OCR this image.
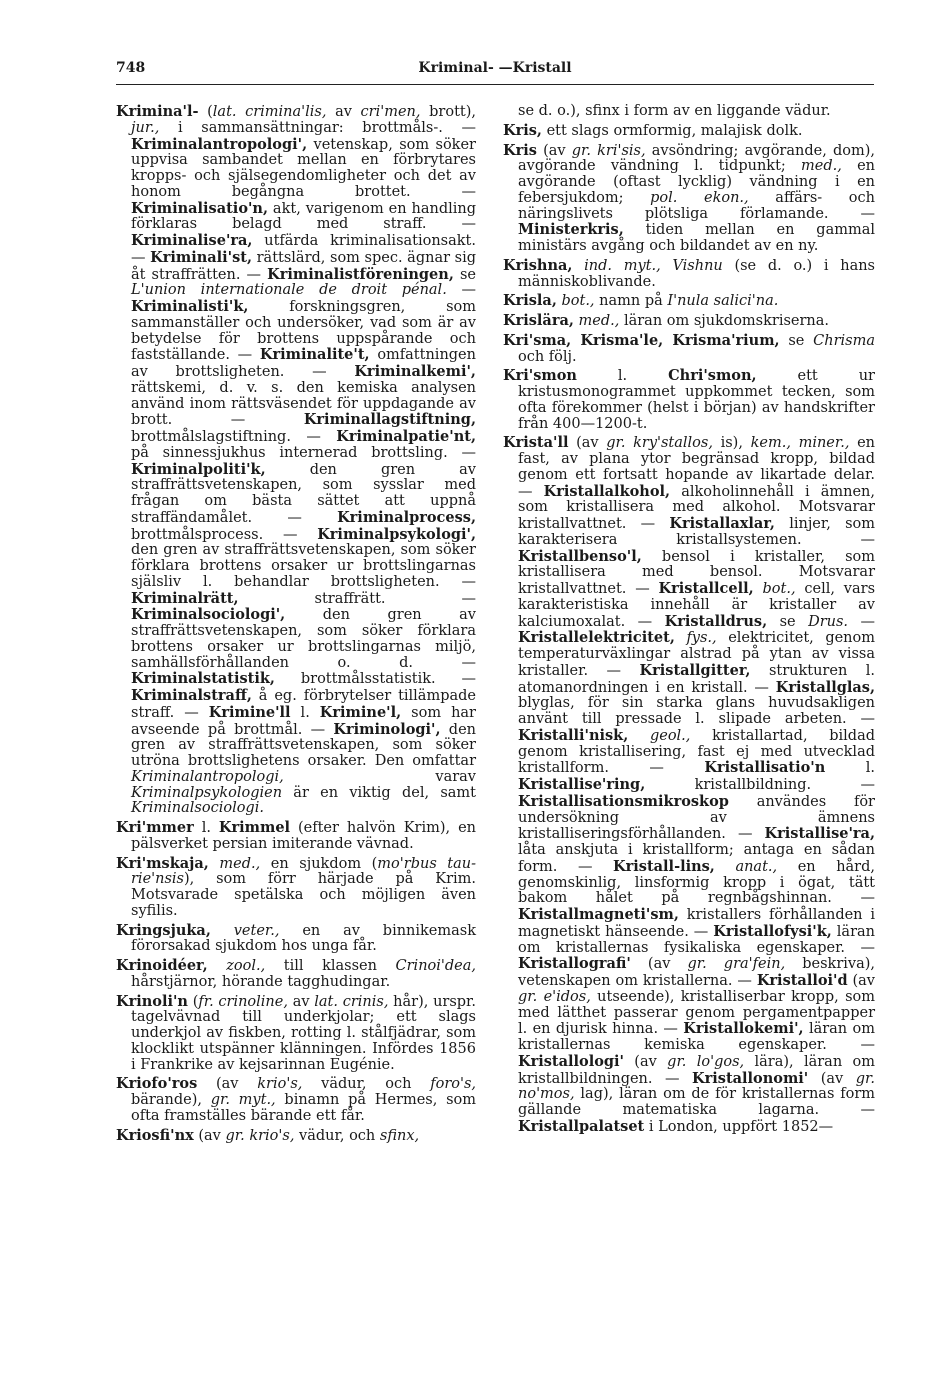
748	Kriminal- —Kristall

Krimina'l- (lat. crimina'lis, av cri'men, brott), jur., i sammansättningar: brottmåls-. — Kriminalantropologi', vetenskap, som söker uppvisa sambandet mellan en förbrytares kropps- och själsegendomligheter och det av honom begångna brottet. — Kriminalisatio'n, akt, varigenom en handling förklaras belagd med straff. — Kriminalise'ra, utfärda kriminalisationsakt. — Kriminali'st, rättslärd, som spec. ägnar sig åt straffrätten. — Kriminalistföreningen, se L'union internationale de droit pénal. — Kriminalisti'k, forskningsgren, som sammanställer och undersöker, vad som är av betydelse för brottens uppspårande och fastställande. — Kriminalite't, omfattningen av brottsligheten. — Kriminalkemi', rättskemi, d. v. s. den kemiska analysen använd inom rättsväsendet för uppdagande av brott. — Kriminallagstiftning, brottmålslagstiftning. — Kriminalpatie'nt, på sinnessjukhus internerad brottsling. — Kriminalpoliti'k, den gren av straffrättsvetenskapen, som sysslar med frågan om bästa sättet att uppnå straffändamålet. — Kriminalprocess, brottmålsprocess. — Kriminalpsykologi', den gren av straffrättsvetenskapen, som söker förklara brottens orsaker ur brottslingarnas själsliv l. behandlar brottsligheten. — Kriminalrätt, straffrätt. — Kriminalsociologi', den gren av straffrättsvetenskapen, som söker förklara brottens orsaker ur brottslingarnas miljö, samhällsförhållanden o. d. — Kriminalstatistik, brottmålsstatistik. — Kriminalstraff, å eg. förbrytelser tillämpade straff. — Krimine'll l. Krimine'l, som har avseende på brottmål. — Kriminologi', den gren av straffrättsvetenskapen, som söker utröna brottslighetens orsaker. Den omfattar Kriminalantropologi, varav Kriminalpsykologien är en viktig del, samt Kriminalsociologi.

Kri'mmer l. Krimmel (efter halvön Krim), en pälsverket persian imiterande vävnad.

Kri'mskaja, med., en sjukdom (mo'rbus tau-rie'nsis), som förr härjade på Krim. Motsvarade spetälska och möjligen även syfilis.

Kringsjuka, veter., en av binnikemask förorsakad sjukdom hos unga får.

Krinoidéer, zool., till klassen Crinoi'dea, hårstjärnor, hörande tagghudingar.

Krinoli'n (fr. crinoline, av lat. crinis, hår), urspr. tagelvävnad till underkjolar; ett slags underkjol av fiskben, rotting l. stålfjädrar, som klocklikt utspänner klänningen. Infördes 1856 i Frankrike av kejsarinnan Eugénie.

Kriofo'ros (av krio's, vädur, och foro's, bärande), gr. myt., binamn på Hermes, som ofta framställes bärande ett får.

Kriosfi'nx (av gr. krio's, vädur, och sfinx,

se d. o.), sfinx i form av en liggande vädur.

Kris, ett slags ormformig, malajisk dolk.

Kris (av gr. kri'sis, avsöndring; avgörande, dom), avgörande vändning l. tidpunkt; med., en avgörande (oftast lycklig) vändning i en febersjukdom; pol. ekon., affärs- och näringslivets plötsliga förlamande. — Ministerkris, tiden mellan en gammal ministärs avgång och bildandet av en ny.

Krishna, ind. myt., Vishnu (se d. o.) i hans människoblivande.

Krisla, bot., namn på I'nula salici'na.

Krislära, med., läran om sjukdomskriserna.

Kri'sma, Krisma'le, Krisma'rium, se Chrisma och följ.

Kri'smon l. Chri'smon, ett ur kristusmonogrammet uppkommet tecken, som ofta förekommer (helst i början) av handskrifter från 400—1200-t.

Krista'll (av gr. kry'stallos, is), kem., miner., en fast, av plana ytor begränsad kropp, bildad genom ett fortsatt hopande av likartade delar. — Kristallalkohol, alkoholinnehåll i ämnen, som kristallisera med alkohol. Motsvarar kristallvattnet. — Kristallaxlar, linjer, som karakterisera kristallsystemen. — Kristallbenso'l, bensol i kristaller, som kristallisera med bensol. Motsvarar kristallvattnet. — Kristallcell, bot., cell, vars karakteristiska innehåll är kristaller av kalciumoxalat. — Kristalldrus, se Drus. — Kristallelektricitet, fys., elektricitet, genom temperaturväxlingar alstrad på ytan av vissa kristaller. — Kristallgitter, strukturen l. atomanordningen i en kristall. — Kristallglas, blyglas, för sin starka glans huvudsakligen använt till pressade l. slipade arbeten. — Kristalli'nisk, geol., kristallartad, bildad genom kristallisering, fast ej med utvecklad kristallform. — Kristallisatio'n l. Kristallise'ring, kristallbildning. — Kristallisationsmikroskop användes för undersökning av ämnens kristalliseringsförhållanden. — Kristallise'ra, låta anskjuta i kristallform; antaga en sådan form. — Kristall-lins, anat., en hård, genomskinlig, linsformig kropp i ögat, tätt bakom hålet på regnbågshinnan. — Kristallmagneti'sm, kristallers förhållanden i magnetiskt hänseende. — Kristallofysi'k, läran om kristallernas fysikaliska egenskaper. — Kristallografi' (av gr. gra'fein, beskriva), vetenskapen om kristallerna. — Kristalloi'd (av gr. e'idos, utseende), kristalliserbar kropp, som med lätthet passerar genom pergamentpapper l. en djurisk hinna. — Kristallokemi', läran om kristallernas kemiska egenskaper. — Kristallologi' (av gr. lo'gos, lära), läran om kristallbildningen. — Kristallonomi' (av gr. no'mos, lag), läran om de för kristallernas form gällande matematiska lagarna. — Kristallpalatset i London, uppfört 1852—
